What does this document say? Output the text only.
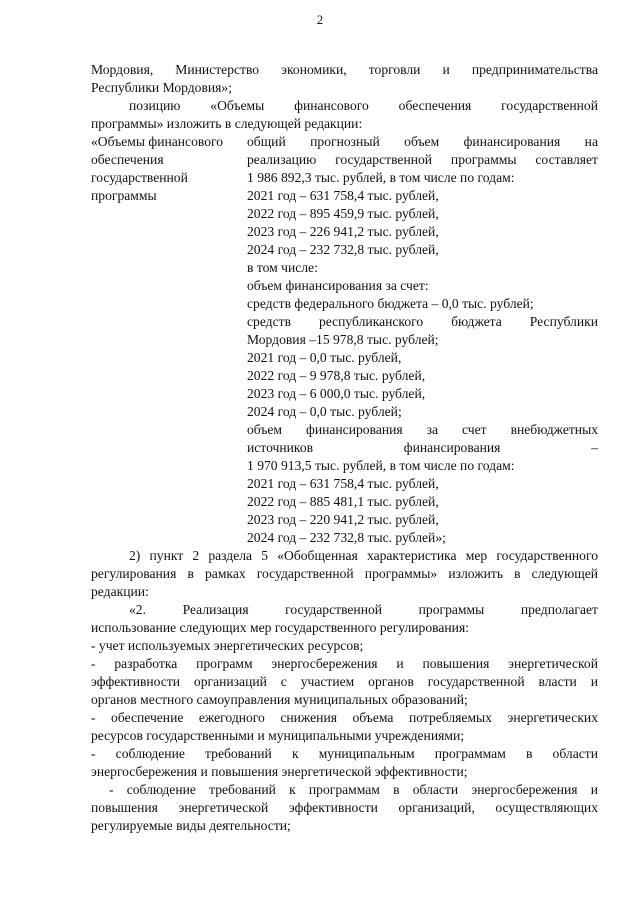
2
Мордовия, Министерство экономики, торговли и предпринимательства
Республики Мордовия»;
позицию «Объемы финансового обеспечения государственной
программы» изложить в следующей редакции:
«Объемы финансового
обеспечения
государственной
программы
общий прогнозный объем финансирования на
реализацию государственной программы составляет
1 986 892,3 тыс. рублей, в том числе по годам:
2021 год – 631 758,4 тыс. рублей,
2022 год – 895 459,9 тыс. рублей,
2023 год – 226 941,2 тыс. рублей,
2024 год – 232 732,8 тыс. рублей,
в том числе:
объем финансирования за счет:
средств федерального бюджета – 0,0 тыс. рублей;
средств республиканского бюджета Республики
Мордовия –15 978,8 тыс. рублей;
2021 год – 0,0 тыс. рублей,
2022 год – 9 978,8 тыс. рублей,
2023 год – 6 000,0 тыс. рублей,
2024 год – 0,0 тыс. рублей;
объем финансирования за счет внебюджетных
источников финансирования –
1 970 913,5 тыс. рублей, в том числе по годам:
2021 год – 631 758,4 тыс. рублей,
2022 год – 885 481,1 тыс. рублей,
2023 год – 220 941,2 тыс. рублей,
2024 год – 232 732,8 тыс. рублей»;
2) пункт 2 раздела 5 «Обобщенная характеристика мер государственного
регулирования в рамках государственной программы» изложить в следующей
редакции:
«2. Реализация государственной программы предполагает
использование следующих мер государственного регулирования:
- учет используемых энергетических ресурсов;
- разработка программ энергосбережения и повышения энергетической
эффективности организаций с участием органов государственной власти и
органов местного самоуправления муниципальных образований;
- обеспечение ежегодного снижения объема потребляемых энергетических
ресурсов государственными и муниципальными учреждениями;
- соблюдение требований к муниципальным программам в области
энергосбережения и повышения энергетической эффективности;
- соблюдение требований к программам в области энергосбережения и
повышения энергетической эффективности организаций, осуществляющих
регулируемые виды деятельности;
